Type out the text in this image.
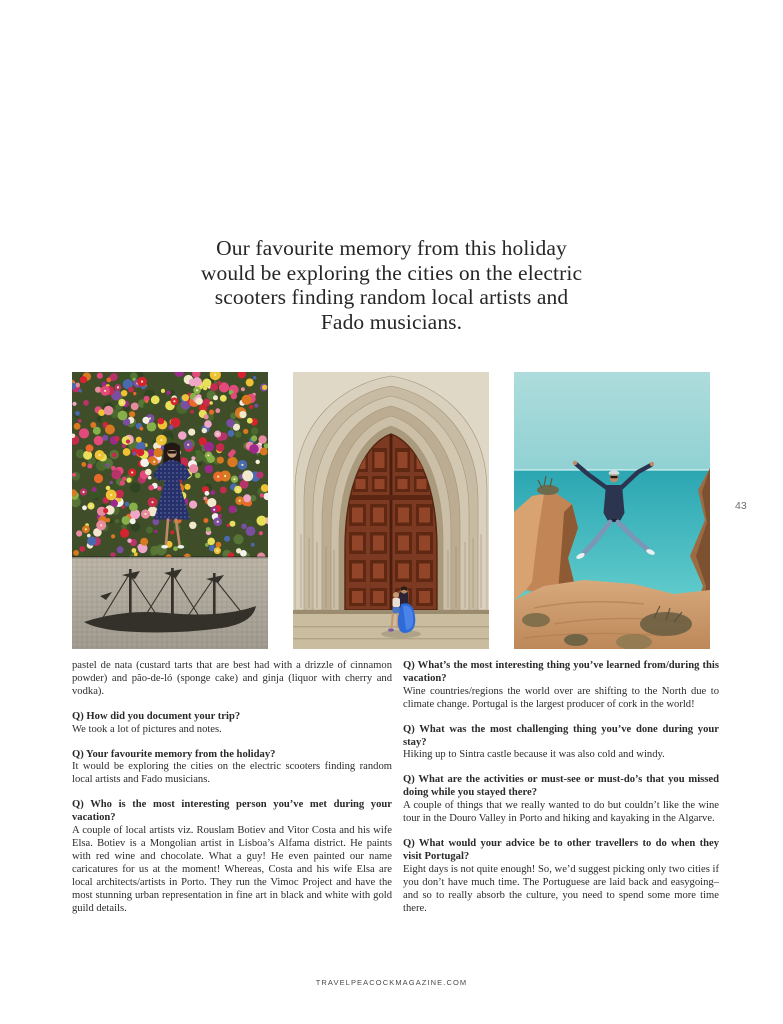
Our favourite memory from this holiday
would be exploring the cities on the electric
scooters finding random local artists and
Fado musicians.
43

pastel de nata (custard tarts that are best had with a drizzle of cinnamon powder) and pão-de-ló (sponge cake) and ginja (liquor with cherry and vodka).

Q) How did you document your trip?

We took a lot of pictures and notes.

Q) Your favourite memory from the holiday?

It would be exploring the cities on the electric scooters finding random local artists and Fado musicians.

Q) Who is the most interesting person you’ve met during your vacation?

A couple of local artists viz. Rouslam Botiev and Vitor Costa and his wife Elsa. Botiev is a Mongolian artist in Lisboa’s Alfama district. He paints with red wine and chocolate. What a guy! He even painted our name caricatures for us at the moment! Whereas, Costa and his wife Elsa are local architects/artists in Porto. They run the Vimoc Project and have the most stunning urban representation in fine art in black and white with gold guild details.

Q) What’s the most interesting thing you’ve learned from/during this vacation?

Wine countries/regions the world over are shifting to the North due to climate change. Portugal is the largest producer of cork in the world!

Q) What was the most challenging thing you’ve done during your stay?

Hiking up to Sintra castle because it was also cold and windy.

Q) What are the activities or must-see or must-do’s that you missed doing while you stayed there?

A couple of things that we really wanted to do but couldn’t like the wine tour in the Douro Valley in Porto and hiking and kayaking in the Algarve.

Q) What would your advice be to other travellers to do when they visit Portugal?

Eight days is not quite enough! So, we’d suggest picking only two cities if you don’t have much time. The Portuguese are laid back and easygoing–and so to really absorb the culture, you need to spend some more time there.

TRAVELPEACOCKMAGAZINE.COM
